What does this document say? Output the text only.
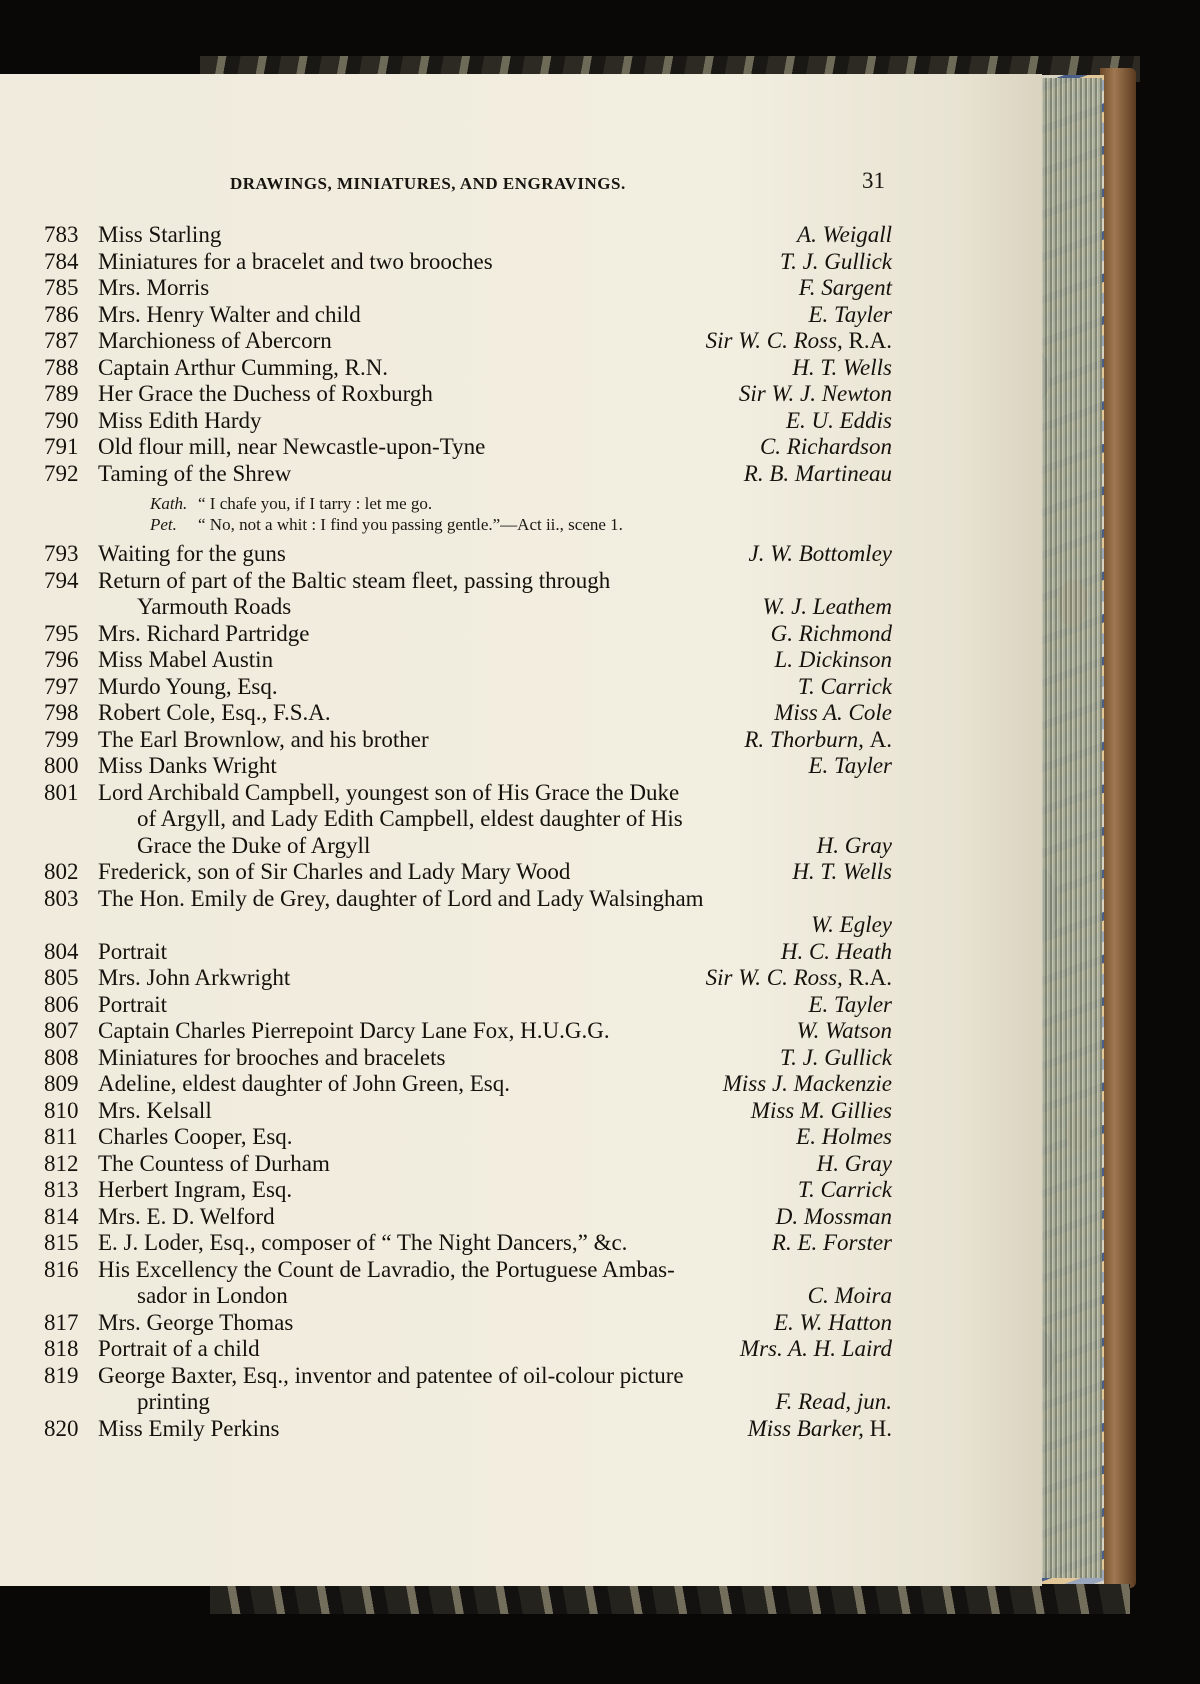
DRAWINGS, MINIATURES, AND ENGRAVINGS.	31
783 Miss Starling	A. Weigall
784 Miniatures for a bracelet and two brooches	T. J. Gullick
785 Mrs. Morris	F. Sargent
786 Mrs. Henry Walter and child	E. Tayler
787 Marchioness of Abercorn	Sir W. C. Ross, R.A.
788 Captain Arthur Cumming, R.N.	H. T. Wells
789 Her Grace the Duchess of Roxburgh	Sir W. J. Newton
790 Miss Edith Hardy	E. U. Eddis
791 Old flour mill, near Newcastle-upon-Tyne	C. Richardson
792 Taming of the Shrew	R. B. Martineau
Kath. “ I chafe you, if I tarry : let me go.
Pet. “ No, not a whit : I find you passing gentle.”—Act ii., scene 1.
793 Waiting for the guns	J. W. Bottomley
794 Return of part of the Baltic steam fleet, passing through
Yarmouth Roads	W. J. Leathem
795 Mrs. Richard Partridge	G. Richmond
796 Miss Mabel Austin	L. Dickinson
797 Murdo Young, Esq.	T. Carrick
798 Robert Cole, Esq., F.S.A.	Miss A. Cole
799 The Earl Brownlow, and his brother	R. Thorburn, A.
800 Miss Danks Wright	E. Tayler
801 Lord Archibald Campbell, youngest son of His Grace the Duke
of Argyll, and Lady Edith Campbell, eldest daughter of His
Grace the Duke of Argyll	H. Gray
802 Frederick, son of Sir Charles and Lady Mary Wood	H. T. Wells
803 The Hon. Emily de Grey, daughter of Lord and Lady Walsingham
W. Egley
804 Portrait	H. C. Heath
805 Mrs. John Arkwright	Sir W. C. Ross, R.A.
806 Portrait	E. Tayler
807 Captain Charles Pierrepoint Darcy Lane Fox, H.U.G.G.	W. Watson
808 Miniatures for brooches and bracelets	T. J. Gullick
809 Adeline, eldest daughter of John Green, Esq.	Miss J. Mackenzie
810 Mrs. Kelsall	Miss M. Gillies
811 Charles Cooper, Esq.	E. Holmes
812 The Countess of Durham	H. Gray
813 Herbert Ingram, Esq.	T. Carrick
814 Mrs. E. D. Welford	D. Mossman
815 E. J. Loder, Esq., composer of “ The Night Dancers,” &c.	R. E. Forster
816 His Excellency the Count de Lavradio, the Portuguese Ambas-
sador in London	C. Moira
817 Mrs. George Thomas	E. W. Hatton
818 Portrait of a child	Mrs. A. H. Laird
819 George Baxter, Esq., inventor and patentee of oil-colour picture
printing	F. Read, jun.
820 Miss Emily Perkins	Miss Barker, H.
